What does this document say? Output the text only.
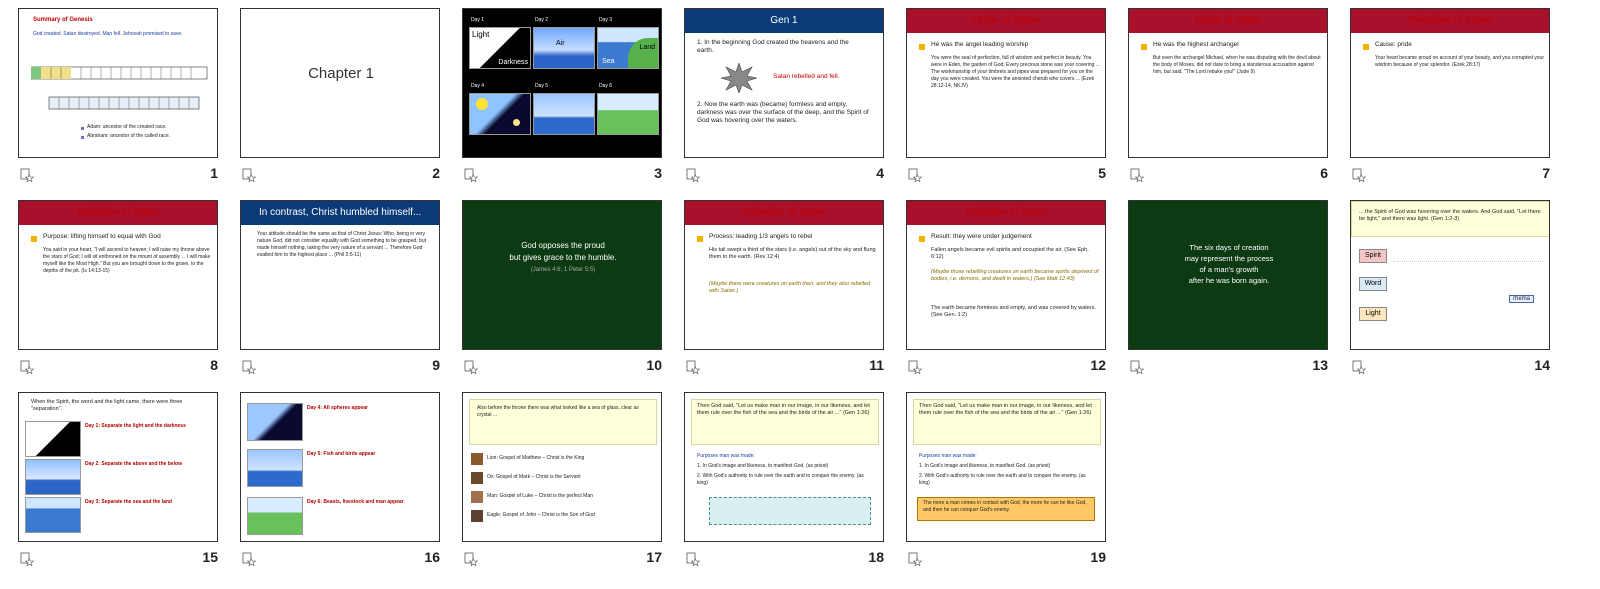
Summary of Genesis

God created. Satan destroyed. Man fell. Jehovah promised to save.

Adam: ancestor of the created race.

Abraham: ancestor of the called race.

1

Chapter 1

2
Light
Darkness
Air
Sea
Land
Day 1	Day 2	Day 3
Day 4	Day 5	Day 6
3
Gen 1

1. In the beginning God created the heavens and the earth.

Satan rebelled and fell.

2. Now the earth was (became) formless and empty, darkness was over the surface of the deep, and the Spirit of God was hovering over the waters.

4
Origin of Satan

He was the angel leading worship

You were the seal of perfection, full of wisdom and perfect in beauty. You were in Eden, the garden of God; Every precious stone was your covering ... The workmanship of your timbrels and pipes was prepared for you on the day you were created. You were the anointed cherub who covers ... (Ezek 28:12-14, NKJV)

5
Origin of Satan

He was the highest archangel

But even the archangel Michael, when he was disputing with the devil about the body of Moses, did not dare to bring a slanderous accusation against him, but said, "The Lord rebuke you!" (Jude 9)

6
Rebellion of Satan

Cause: pride

Your heart became proud on account of your beauty, and you corrupted your wisdom because of your splendor. (Ezek 28:17)

7
Rebellion of Satan

Purpose: lifting himself to equal with God

You said in your heart, "I will ascend to heaven; I will raise my throne above the stars of God; I will sit enthroned on the mount of assembly ... I will make myself like the Most High." But you are brought down to the grave, to the depths of the pit. (Is 14:13-15)

8
In contrast, Christ humbled himself...

Your attitude should be the same as that of Christ Jesus: Who, being in very nature God, did not consider equality with God something to be grasped, but made himself nothing, taking the very nature of a servant ... Therefore God exalted him to the highest place ... (Phil 2:5-11)

9

God opposes the proud

but gives grace to the humble.

(James 4:6; 1 Peter 5:5)

10
Rebellion of Satan

Process: leading 1/3 angels to rebel

His tail swept a third of the stars (i.e. angels) out of the sky and flung them to the earth. (Rev 12:4)

(Maybe there were creatures on earth then, and they also rebelled with Satan.)

11
Rebellion of Satan

Result: they were under judgement

Fallen angels became evil spirits and occupied the air. (See Eph. 6:12)

(Maybe those rebelling creatures on earth became spirits deprived of bodies, i.e. demons, and dwelt in waters.) (See Matt 12:43)

The earth became formless and empty, and was covered by waters. (See Gen. 1:2)

12

The six days of creation

may represent the process

of a man's growth

after he was born again.

13

... the Spirit of God was hovering over the waters. And God said, "Let there be light," and there was light. (Gen 1:2-3)

Spirit
Word
Light

rhema
14

When the Spirit, the word and the light came, there were three "separation".

Day 1: Separate the light and the darkness

Day 2: Separate the above and the below

Day 3: Separate the sea and the land

15

Day 4: All spheres appear

Day 5: Fish and birds appear

Day 6: Beasts, livestock and man appear

16

Also before the throne there was what looked like a sea of glass, clear as crystal ...

Lion: Gospel of Matthew – Christ is the King

Ox: Gospel of Mark – Christ is the Servant

Man: Gospel of Luke – Christ is the perfect Man

Eagle: Gospel of John – Christ is the Son of God

17

Then God said, "Let us make man in our image, in our likeness, and let them rule over the fish of the sea and the birds of the air ..." (Gen 1:26)

Purposes man was made:

1. In God's image and likeness, to manifest God. (as priest)

2. With God's authority to rule over the earth and to conquer the enemy. (as king)

18

Then God said, "Let us make man in our image, in our likeness, and let them rule over the fish of the sea and the birds of the air ..." (Gen 1:26)

Purposes man was made:

1. In God's image and likeness, to manifest God. (as priest)

2. With God's authority to rule over the earth and to conquer the enemy. (as king)

The more a man comes in contact with God, the more he can be like God, and then he can conquer God's enemy.

19
